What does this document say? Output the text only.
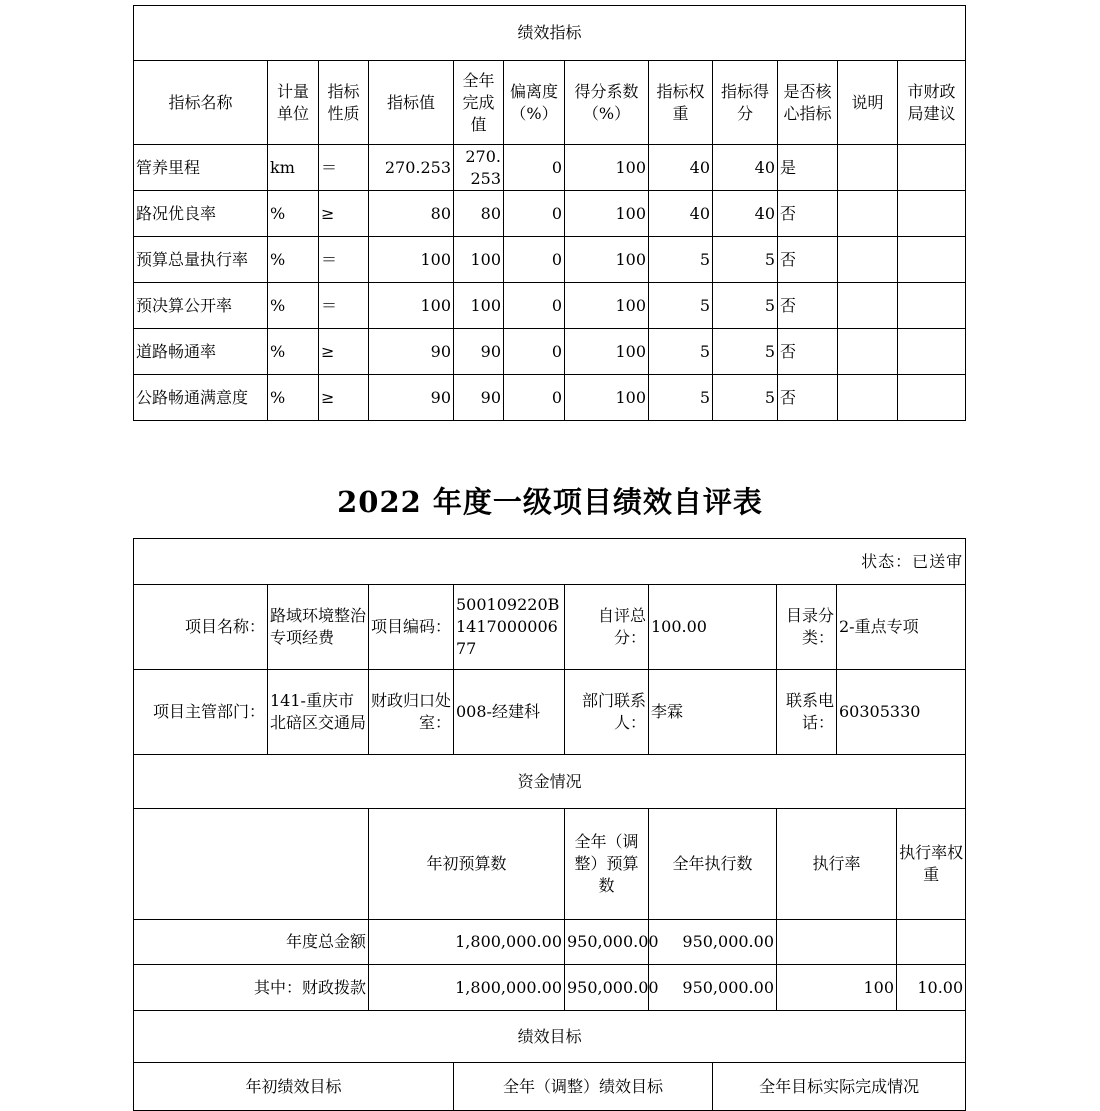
绩效指标											
指标名称	计量单位	指标性质	指标值	全年完成值	偏离度（%）	得分系数（%）	指标权重	指标得分	是否核心指标	说明	市财政局建议
管养里程	km	＝	270.253	270.253	0	100	40	40	是		
路况优良率	%	≥	80	80	0	100	40	40	否		
预算总量执行率	%	＝	100	100	0	100	5	5	否		
预决算公开率	%	＝	100	100	0	100	5	5	否		
道路畅通率	%	≥	90	90	0	100	5	5	否		
公路畅通满意度	%	≥	90	90	0	100	5	5	否		
2022 年度一级项目绩效自评表
状态：已送审										
项目名称：	路域环境整治专项经费	项目编码：	500109220B141700000677	自评总分：	100.00		目录分类：	2-重点专项		
项目主管部门：	141-重庆市北碚区交通局	财政归口处室：	008-经建科	部门联系人：	李霖		联系电话：	60305330		
资金情况										
		年初预算数		全年（调整）预算数	全年执行数		执行率		执行率权重	
年度总金额		1,800,000.00		950,000.00	950,000.00					
其中：财政拨款		1,800,000.00		950,000.00	950,000.00		100		10.00	
绩效目标										
年初绩效目标			全年（调整）绩效目标			全年目标实际完成情况				
